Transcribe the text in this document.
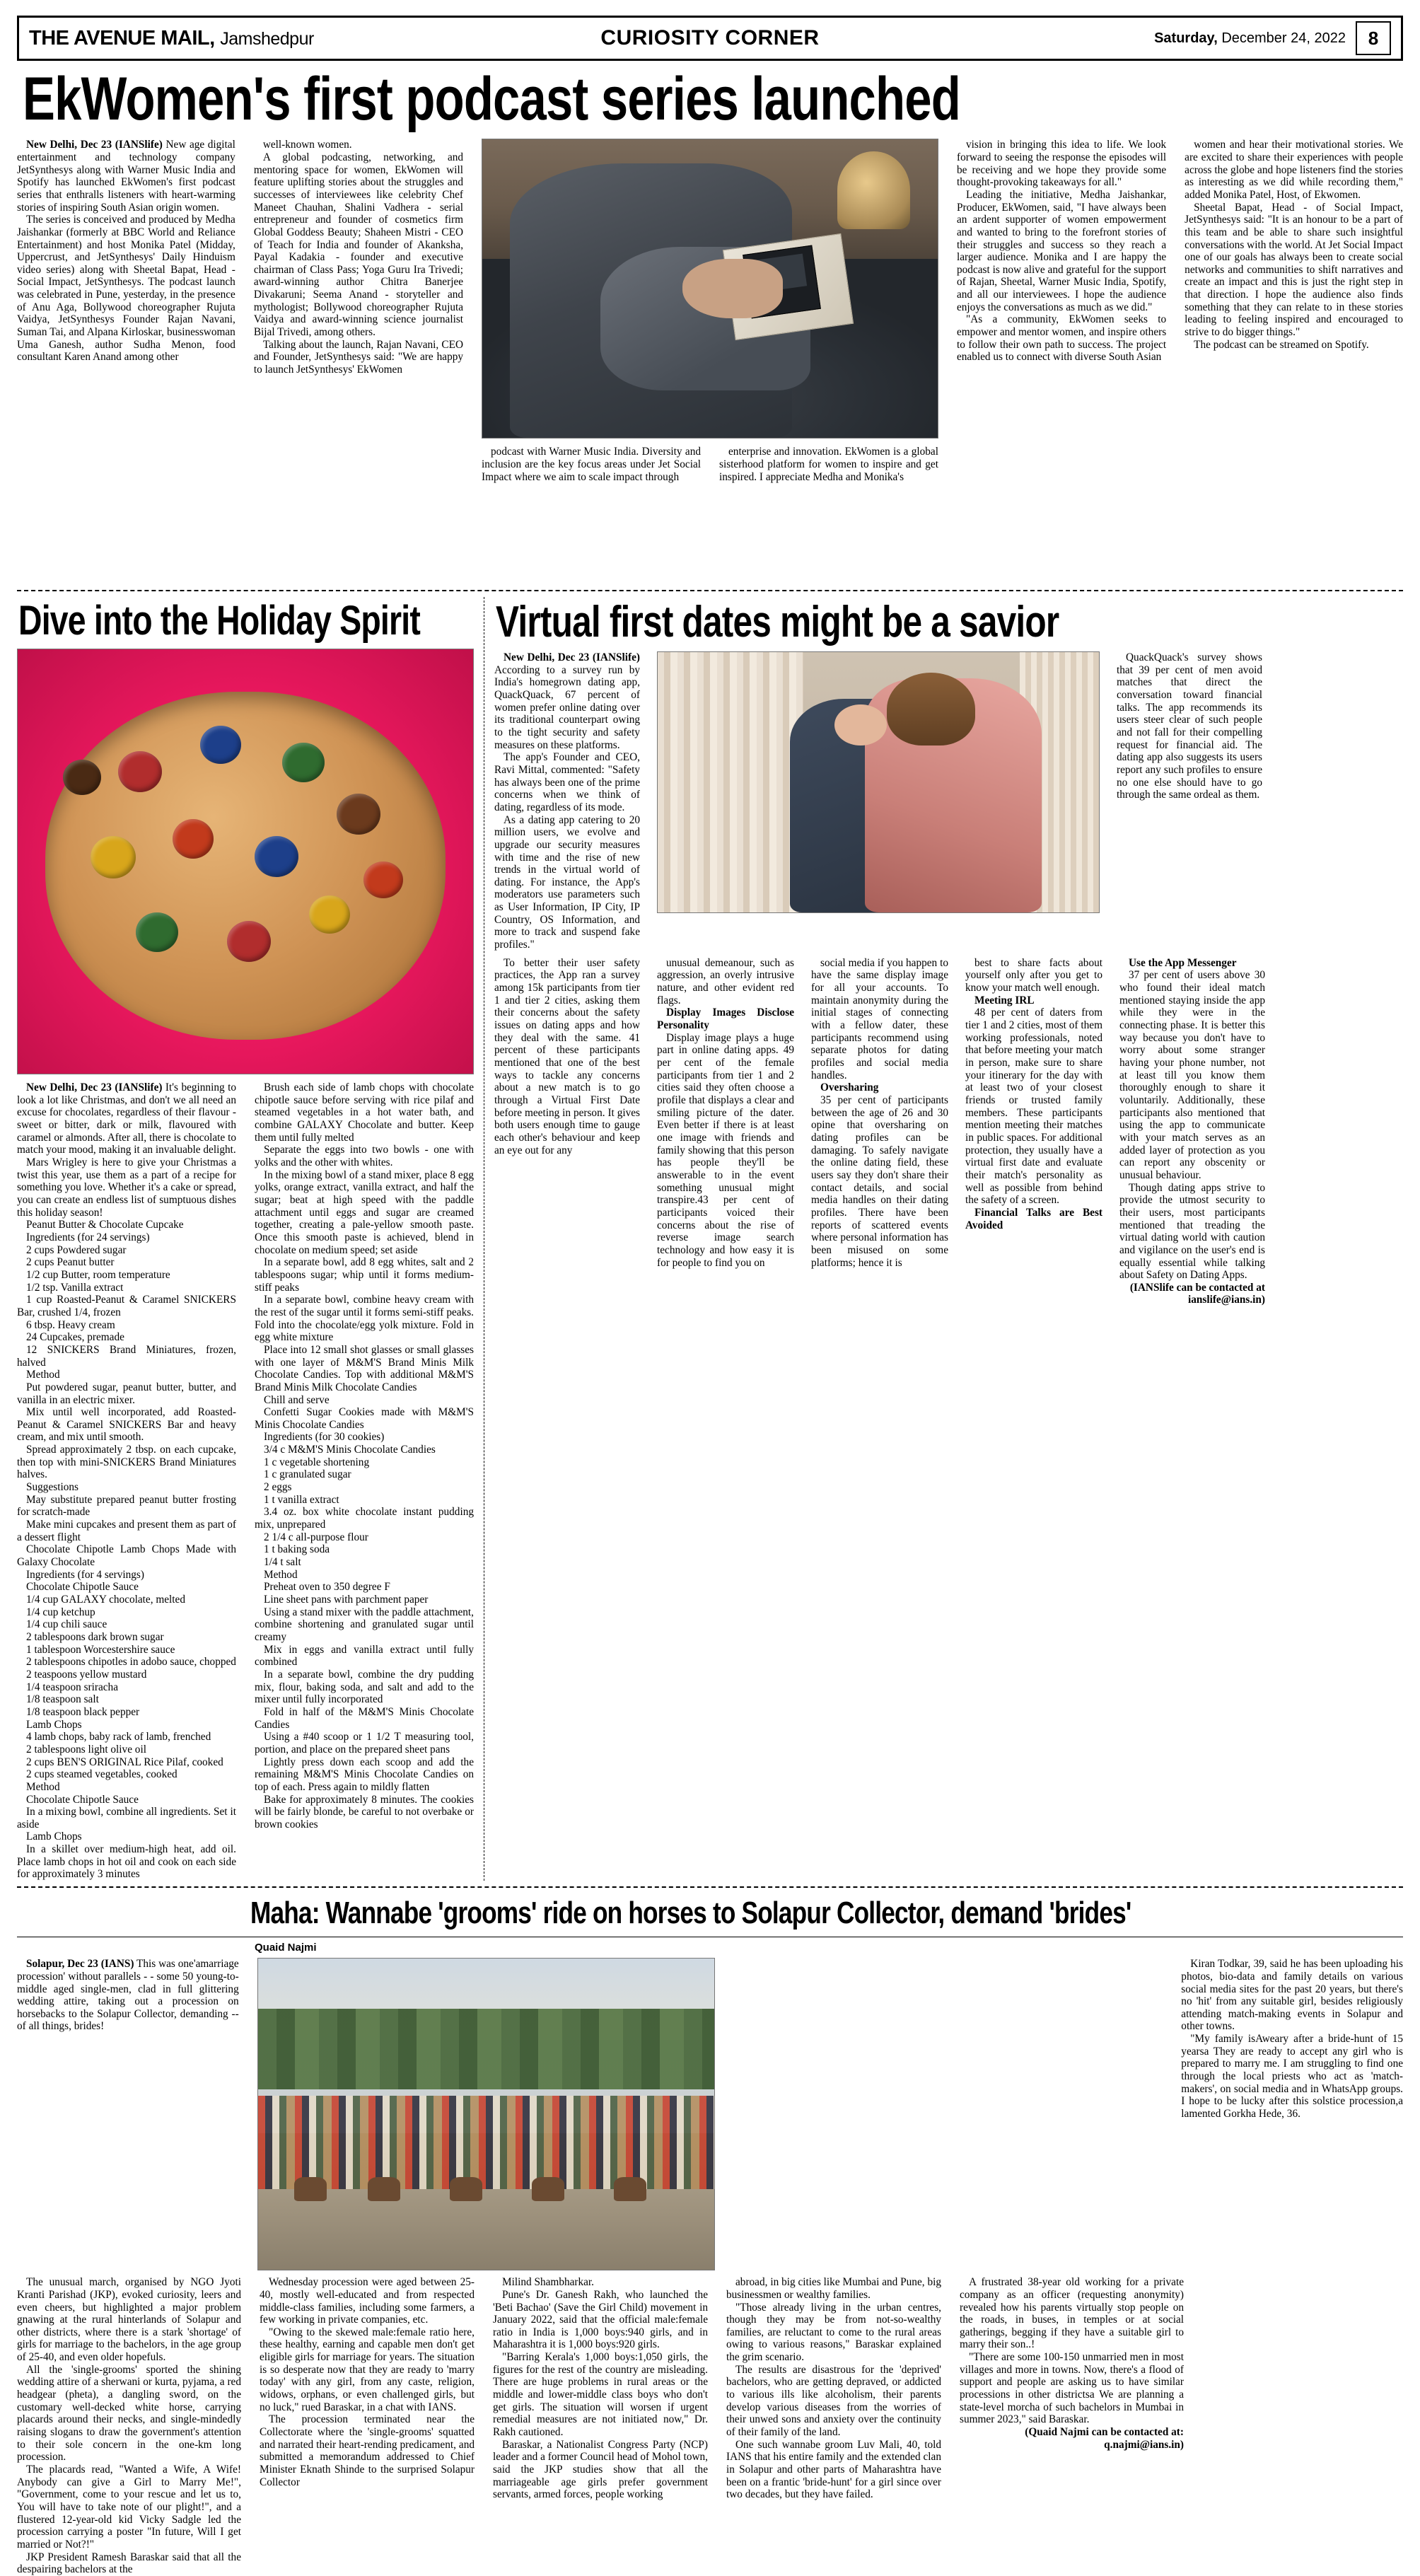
THE AVENUE MAIL, Jamshedpur	CURIOSITY CORNER	Saturday, December 24, 2022	8
EkWomen's first podcast series launched

New Delhi, Dec 23 (IANSlife) New age digital entertainment and technology company JetSynthesys along with Warner Music India and Spotify has launched EkWomen's first podcast series that enthralls listeners with heart-warming stories of inspiring South Asian origin women.

The series is conceived and produced by Medha Jaishankar (formerly at BBC World and Reliance Entertainment) and host Monika Patel (Midday, Uppercrust, and JetSynthesys' Daily Hinduism video series) along with Sheetal Bapat, Head - Social Impact, JetSynthesys. The podcast launch was celebrated in Pune, yesterday, in the presence of Anu Aga, Bollywood choreographer Rujuta Vaidya, JetSynthesys Founder Rajan Navani, Suman Tai, and Alpana Kirloskar, businesswoman Uma Ganesh, author Sudha Menon, food consultant Karen Anand among other

well-known women.

A global podcasting, networking, and mentoring space for women, EkWomen will feature uplifting stories about the struggles and successes of interviewees like celebrity Chef Maneet Chauhan, Shalini Vadhera - serial entrepreneur and founder of cosmetics firm Global Goddess Beauty; Shaheen Mistri - CEO of Teach for India and founder of Akanksha, Payal Kadakia - founder and executive chairman of Class Pass; Yoga Guru Ira Trivedi; award-winning author Chitra Banerjee Divakaruni; Seema Anand - storyteller and mythologist; Bollywood choreographer Rujuta Vaidya and award-winning science journalist Bijal Trivedi, among others.

Talking about the launch, Rajan Navani, CEO and Founder, JetSynthesys said: "We are happy to launch JetSynthesys' EkWomen

podcast with Warner Music India. Diversity and inclusion are the key focus areas under Jet Social Impact where we aim to scale impact through

enterprise and innovation. EkWomen is a global sisterhood platform for women to inspire and get inspired. I appreciate Medha and Monika's

vision in bringing this idea to life. We look forward to seeing the response the episodes will be receiving and we hope they provide some thought-provoking takeaways for all."

Leading the initiative, Medha Jaishankar, Producer, EkWomen, said, "I have always been an ardent supporter of women empowerment and wanted to bring to the forefront stories of their struggles and success so they reach a larger audience. Monika and I are happy the podcast is now alive and grateful for the support of Rajan, Sheetal, Warner Music India, Spotify, and all our interviewees. I hope the audience enjoys the conversations as much as we did."

"As a community, EkWomen seeks to empower and mentor women, and inspire others to follow their own path to success. The project enabled us to connect with diverse South Asian

women and hear their motivational stories. We are excited to share their experiences with people across the globe and hope listeners find the stories as interesting as we did while recording them," added Monika Patel, Host, of Ekwomen.

Sheetal Bapat, Head - of Social Impact, JetSynthesys said: "It is an honour to be a part of this team and be able to share such insightful conversations with the world. At Jet Social Impact one of our goals has always been to create social networks and communities to shift narratives and create an impact and this is just the right step in that direction. I hope the audience also finds something that they can relate to in these stories leading to feeling inspired and encouraged to strive to do bigger things."

The podcast can be streamed on Spotify.

Dive into the Holiday Spirit

New Delhi, Dec 23 (IANSlife) It's beginning to look a lot like Christmas, and don't we all need an excuse for chocolates, regardless of their flavour - sweet or bitter, dark or milk, flavoured with caramel or almonds. After all, there is chocolate to match your mood, making it an invaluable delight.

Mars Wrigley is here to give your Christmas a twist this year, use them as a part of a recipe for something you love. Whether it's a cake or spread, you can create an endless list of sumptuous dishes this holiday season!

Peanut Butter & Chocolate Cupcake

Ingredients (for 24 servings)

2 cups Powdered sugar

2 cups Peanut butter

1/2 cup Butter, room temperature

1/2 tsp. Vanilla extract

1 cup Roasted-Peanut & Caramel SNICKERS Bar, crushed 1/4, frozen

6 tbsp. Heavy cream

24 Cupcakes, premade

12 SNICKERS Brand Miniatures, frozen, halved

Method

Put powdered sugar, peanut butter, butter, and vanilla in an electric mixer.

Mix until well incorporated, add Roasted-Peanut & Caramel SNICKERS Bar and heavy cream, and mix until smooth.

Spread approximately 2 tbsp. on each cupcake, then top with mini-SNICKERS Brand Miniatures halves.

Suggestions

May substitute prepared peanut butter frosting for scratch-made

Make mini cupcakes and present them as part of a dessert flight

Chocolate Chipotle Lamb Chops Made with Galaxy Chocolate

Ingredients (for 4 servings)

Chocolate Chipotle Sauce

1/4 cup GALAXY chocolate, melted

1/4 cup ketchup

1/4 cup chili sauce

2 tablespoons dark brown sugar

1 tablespoon Worcestershire sauce

2 tablespoons chipotles in adobo sauce, chopped

2 teaspoons yellow mustard

1/4 teaspoon sriracha

1/8 teaspoon salt

1/8 teaspoon black pepper

Lamb Chops

4 lamb chops, baby rack of lamb, frenched

2 tablespoons light olive oil

2 cups BEN'S ORIGINAL Rice Pilaf, cooked

2 cups steamed vegetables, cooked

Method

Chocolate Chipotle Sauce

In a mixing bowl, combine all ingredients. Set it aside

Lamb Chops

In a skillet over medium-high heat, add oil. Place lamb chops in hot oil and cook on each side for approximately 3 minutes

Brush each side of lamb chops with chocolate chipotle sauce before serving with rice pilaf and steamed vegetables in a hot water bath, and combine GALAXY Chocolate and butter. Keep them until fully melted

Separate the eggs into two bowls - one with yolks and the other with whites.

In the mixing bowl of a stand mixer, place 8 egg yolks, orange extract, vanilla extract, and half the sugar; beat at high speed with the paddle attachment until eggs and sugar are creamed together, creating a pale-yellow smooth paste. Once this smooth paste is achieved, blend in chocolate on medium speed; set aside

In a separate bowl, add 8 egg whites, salt and 2 tablespoons sugar; whip until it forms medium-stiff peaks

In a separate bowl, combine heavy cream with the rest of the sugar until it forms semi-stiff peaks. Fold into the chocolate/egg yolk mixture. Fold in egg white mixture

Place into 12 small shot glasses or small glasses with one layer of M&M'S Brand Minis Milk Chocolate Candies. Top with additional M&M'S Brand Minis Milk Chocolate Candies

Chill and serve

Confetti Sugar Cookies made with M&M'S Minis Chocolate Candies

Ingredients (for 30 cookies)

3/4 c M&M'S Minis Chocolate Candies

1 c vegetable shortening

1 c granulated sugar

2 eggs

1 t vanilla extract

3.4 oz. box white chocolate instant pudding mix, unprepared

2 1/4 c all-purpose flour

1 t baking soda

1/4 t salt

Method

Preheat oven to 350 degree F

Line sheet pans with parchment paper

Using a stand mixer with the paddle attachment, combine shortening and granulated sugar until creamy

Mix in eggs and vanilla extract until fully combined

In a separate bowl, combine the dry pudding mix, flour, baking soda, and salt and add to the mixer until fully incorporated

Fold in half of the M&M'S Minis Chocolate Candies

Using a #40 scoop or 1 1/2 T measuring tool, portion, and place on the prepared sheet pans

Lightly press down each scoop and add the remaining M&M'S Minis Chocolate Candies on top of each. Press again to mildly flatten

Bake for approximately 8 minutes. The cookies will be fairly blonde, be careful to not overbake or brown cookies

Virtual first dates might be a savior

New Delhi, Dec 23 (IANSlife) According to a survey run by India's homegrown dating app, QuackQuack, 67 percent of women prefer online dating over its traditional counterpart owing to the tight security and safety measures on these platforms.

The app's Founder and CEO, Ravi Mittal, commented: "Safety has always been one of the prime concerns when we think of dating, regardless of its mode.

As a dating app catering to 20 million users, we evolve and upgrade our security measures with time and the rise of new trends in the virtual world of dating. For instance, the App's moderators use parameters such as User Information, IP City, IP Country, OS Information, and more to track and suspend fake profiles."

QuackQuack's survey shows that 39 per cent of men avoid matches that direct the conversation toward financial talks. The app recommends its users steer clear of such people and not fall for their compelling request for financial aid. The dating app also suggests its users report any such profiles to ensure no one else should have to go through the same ordeal as them.

To better their user safety practices, the App ran a survey among 15k participants from tier 1 and tier 2 cities, asking them their concerns about the safety issues on dating apps and how they deal with the same. 41 percent of these participants mentioned that one of the best ways to tackle any concerns about a new match is to go through a Virtual First Date before meeting in person. It gives both users enough time to gauge each other's behaviour and keep an eye out for any

unusual demeanour, such as aggression, an overly intrusive nature, and other evident red flags.

Display Images Disclose Personality

Display image plays a huge part in online dating apps. 49 per cent of the female participants from tier 1 and 2 cities said they often choose a profile that displays a clear and smiling picture of the dater. Even better if there is at least one image with friends and family showing that this person has people they'll be answerable to in the event something unusual might transpire.43 per cent of participants voiced their concerns about the rise of reverse image search technology and how easy it is for people to find you on

social media if you happen to have the same display image for all your accounts. To maintain anonymity during the initial stages of connecting with a fellow dater, these participants recommend using separate photos for dating profiles and social media handles.

Oversharing

35 per cent of participants between the age of 26 and 30 opine that oversharing on dating profiles can be damaging. To safely navigate the online dating field, these users say they don't share their contact details, and social media handles on their dating profiles. There have been reports of scattered events where personal information has been misused on some platforms; hence it is

best to share facts about yourself only after you get to know your match well enough.

Meeting IRL

48 per cent of daters from tier 1 and 2 cities, most of them working professionals, noted that before meeting your match in person, make sure to share your itinerary for the day with at least two of your closest friends or trusted family members. These participants mention meeting their matches in public spaces. For additional protection, they usually have a virtual first date and evaluate their match's personality as well as possible from behind the safety of a screen.

Financial Talks are Best Avoided

Use the App Messenger

37 per cent of users above 30 who found their ideal match mentioned staying inside the app while they were in the connecting phase. It is better this way because you don't have to worry about some stranger having your phone number, not at least till you know them thoroughly enough to share it voluntarily. Additionally, these participants also mentioned that using the app to communicate with your match serves as an added layer of protection as you can report any obscenity or unusual behaviour.

Though dating apps strive to provide the utmost security to their users, most participants mentioned that treading the virtual dating world with caution and vigilance on the user's end is equally essential while talking about Safety on Dating Apps.

(IANSlife can be contacted at ianslife@ians.in)

Maha: Wannabe 'grooms' ride on horses to Solapur Collector, demand 'brides'
Quaid Najmi

Solapur, Dec 23 (IANS) This was one'amarriage procession' without parallels - - some 50 young-to-middle aged single-men, clad in full glittering wedding attire, taking out a procession on horsebacks to the Solapur Collector, demanding -- of all things, brides!

Kiran Todkar, 39, said he has been uploading his photos, bio-data and family details on various social media sites for the past 20 years, but there's no 'hit' from any suitable girl, besides religiously attending match-making events in Solapur and other towns.

"My family isAweary after a bride-hunt of 15 yearsa They are ready to accept any girl who is prepared to marry me. I am struggling to find one through the local priests who act as 'match-makers', on social media and in WhatsApp groups. I hope to be lucky after this solstice procession,a lamented Gorkha Hede, 36.

The unusual march, organised by NGO Jyoti Kranti Parishad (JKP), evoked curiosity, leers and even cheers, but highlighted a major problem gnawing at the rural hinterlands of Solapur and other districts, where there is a stark 'shortage' of girls for marriage to the bachelors, in the age group of 25-40, and even older hopefuls.

All the 'single-grooms' sported the shining wedding attire of a sherwani or kurta, pyjama, a red headgear (pheta), a dangling sword, on the customary well-decked white horse, carrying placards around their necks, and single-mindedly raising slogans to draw the government's attention to their sole concern in the one-km long procession.

The placards read, "Wanted a Wife, A Wife! Anybody can give a Girl to Marry Me!", "Government, come to your rescue and let us to, You will have to take note of our plight!", and a flustered 12-year-old kid Vicky Sadgle led the procession carrying a poster "In future, Will I get married or Not?!"

JKP President Ramesh Baraskar said that all the despairing bachelors at the

Wednesday procession were aged between 25-40, mostly well-educated and from respected middle-class families, including some farmers, a few working in private companies, etc.

"Owing to the skewed male:female ratio here, these healthy, earning and capable men don't get eligible girls for marriage for years. The situation is so desperate now that they are ready to 'marry today' with any girl, from any caste, religion, widows, orphans, or even challenged girls, but no luck," rued Baraskar, in a chat with IANS.

The procession terminated near the Collectorate where the 'single-grooms' squatted and narrated their heart-rending predicament, and submitted a memorandum addressed to Chief Minister Eknath Shinde to the surprised Solapur Collector

Milind Shambharkar.

Pune's Dr. Ganesh Rakh, who launched the 'Beti Bachao' (Save the Girl Child) movement in January 2022, said that the official male:female ratio in India is 1,000 boys:940 girls, and in Maharashtra it is 1,000 boys:920 girls.

"Barring Kerala's 1,000 boys:1,050 girls, the figures for the rest of the country are misleading. There are huge problems in rural areas or the middle and lower-middle class boys who don't get girls. The situation will worsen if urgent remedial measures are not initiated now," Dr. Rakh cautioned.

Baraskar, a Nationalist Congress Party (NCP) leader and a former Council head of Mohol town, said the JKP studies show that all the marriageable age girls prefer government servants, armed forces, people working

abroad, in big cities like Mumbai and Pune, big businessmen or wealthy families.

"Those already living in the urban centres, though they may be from not-so-wealthy families, are reluctant to come to the rural areas owing to various reasons," Baraskar explained the grim scenario.

The results are disastrous for the 'deprived' bachelors, who are getting depraved, or addicted to various ills like alcoholism, their parents develop various diseases from the worries of their unwed sons and anxiety over the continuity of their family of the land.

One such wannabe groom Luv Mali, 40, told IANS that his entire family and the extended clan in Solapur and other parts of Maharashtra have been on a frantic 'bride-hunt' for a girl since over two decades, but they have failed.

A frustrated 38-year old working for a private company as an officer (requesting anonymity) revealed how his parents virtually stop people on the roads, in buses, in temples or at social gatherings, begging if they have a suitable girl to marry their son..!

"There are some 100-150 unmarried men in most villages and more in towns. Now, there's a flood of support and people are asking us to have similar processions in other districtsa We are planning a state-level morcha of such bachelors in Mumbai in summer 2023," said Baraskar.

(Quaid Najmi can be contacted at: q.najmi@ians.in)
